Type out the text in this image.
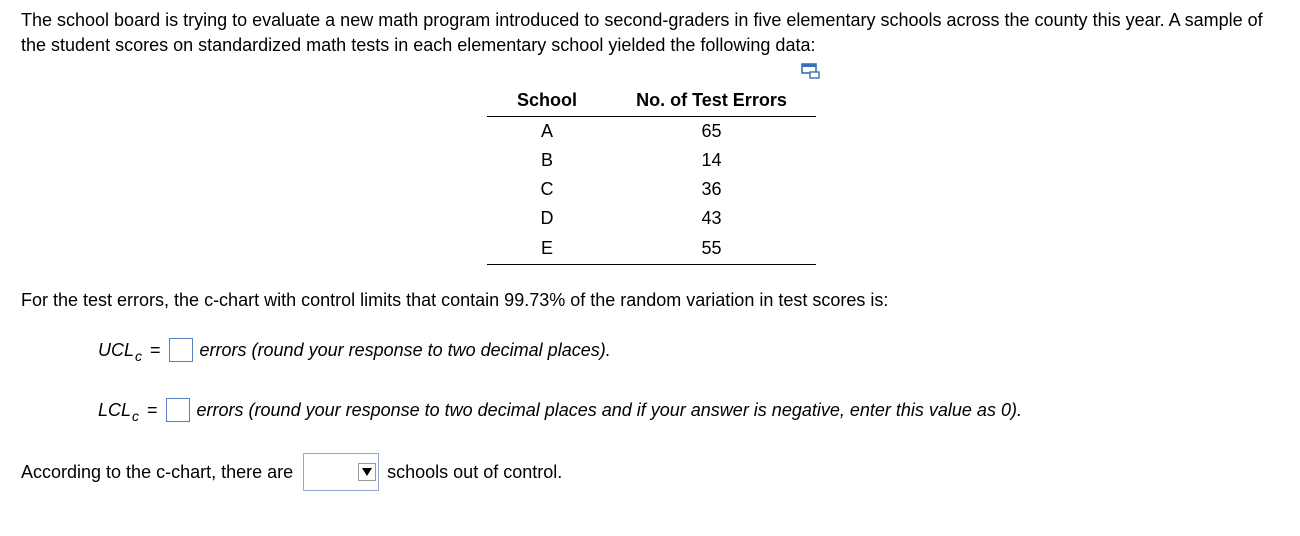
The school board is trying to evaluate a new math program introduced to second-graders in five elementary schools across the county this year. A sample of the student scores on standardized math tests in each elementary school yielded the following data:

School	No. of Test Errors
A	65
B	14
C	36
D	43
E	55

For the test errors, the c-chart with control limits that contain 99.73% of the random variation in test scores is:

$UCL_c$ = errors (round your response to two decimal places).
$LCL_c$ = errors (round your response to two decimal places and if your answer is negative, enter this value as 0).
According to the c-chart, there are	schools out of control.
